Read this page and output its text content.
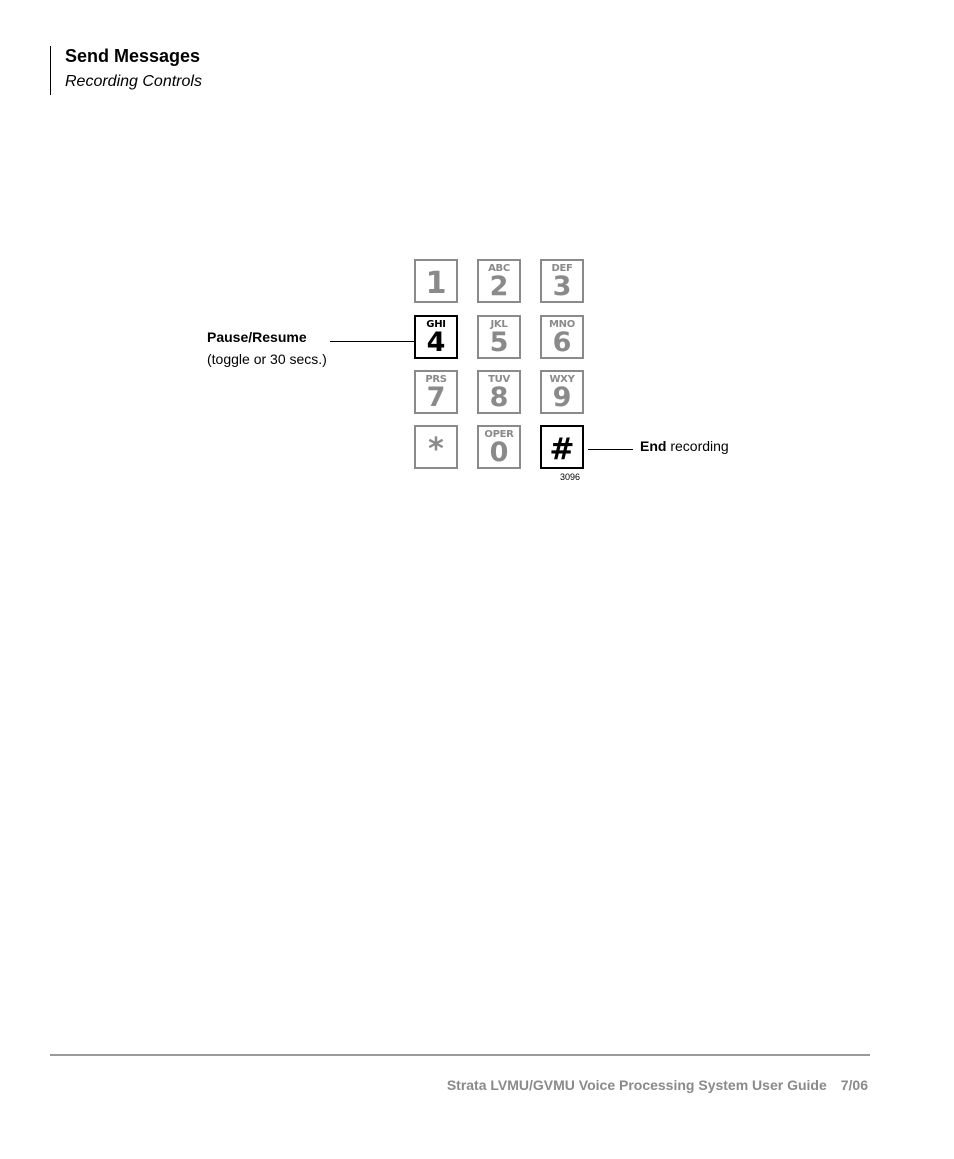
Send Messages
Recording Controls
1	ABC
2
DEF
3
GHI
4
JKL
5
MNO
6
PRS
7
TUV
8
WXY
9
*	OPER
0	#
Pause/Resume
(toggle or 30 secs.)
End recording
3096
Strata LVMU/GVMU Voice Processing System User Guide 7/06
